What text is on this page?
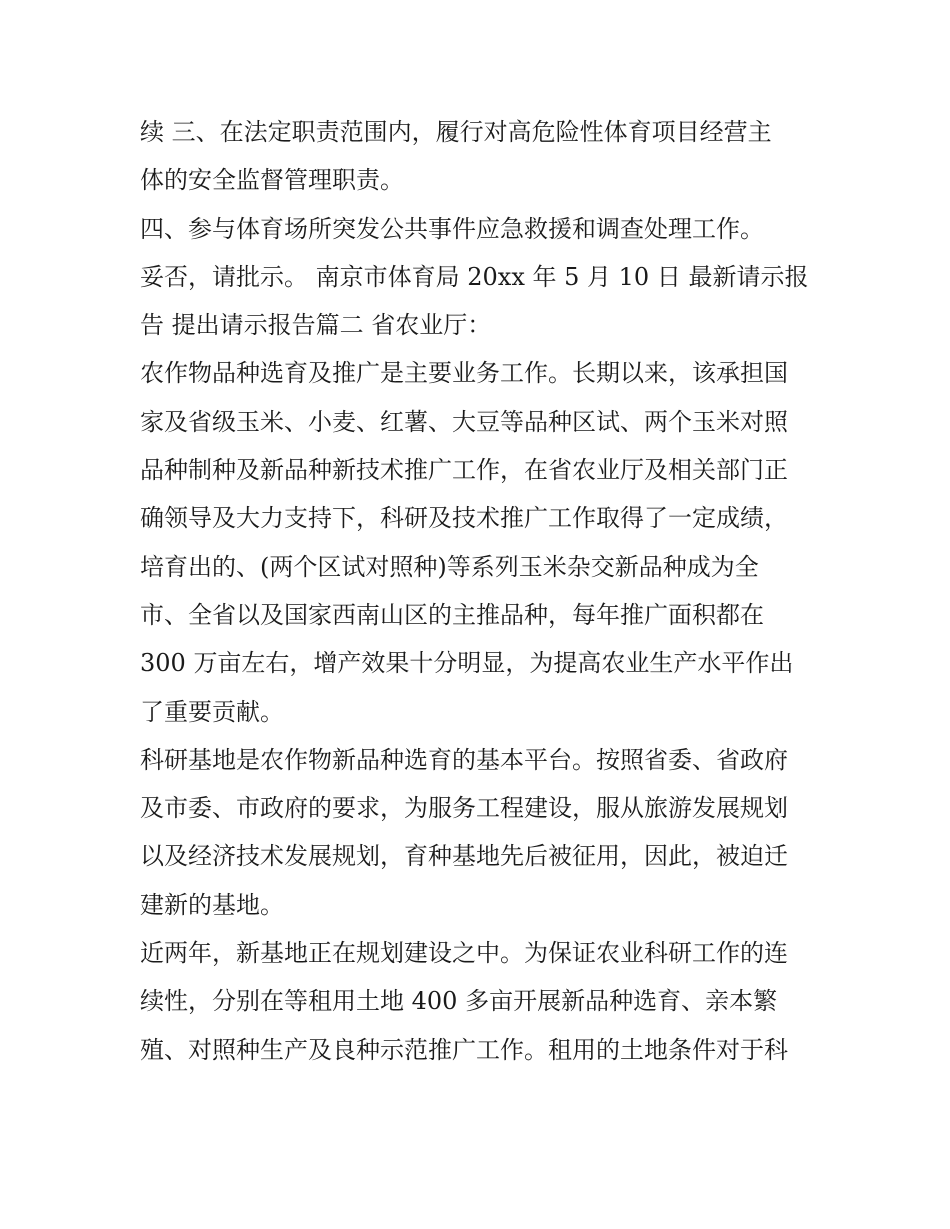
续 三、在法定职责范围内，履行对高危险性体育项目经营主
体的安全监督管理职责。
四、参与体育场所突发公共事件应急救援和调查处理工作。
妥否，请批示。 南京市体育局 20xx 年 5 月 10 日 最新请示报
告 提出请示报告篇二 省农业厅：
农作物品种选育及推广是主要业务工作。长期以来，该承担国
家及省级玉米、小麦、红薯、大豆等品种区试、两个玉米对照
品种制种及新品种新技术推广工作，在省农业厅及相关部门正
确领导及大力支持下，科研及技术推广工作取得了一定成绩，
培育出的、(两个区试对照种)等系列玉米杂交新品种成为全
市、全省以及国家西南山区的主推品种，每年推广面积都在
300 万亩左右，增产效果十分明显，为提高农业生产水平作出
了重要贡献。
科研基地是农作物新品种选育的基本平台。按照省委、省政府
及市委、市政府的要求，为服务工程建设，服从旅游发展规划
以及经济技术发展规划，育种基地先后被征用，因此，被迫迁
建新的基地。
近两年，新基地正在规划建设之中。为保证农业科研工作的连
续性，分别在等租用土地 400 多亩开展新品种选育、亲本繁
殖、对照种生产及良种示范推广工作。租用的土地条件对于科
